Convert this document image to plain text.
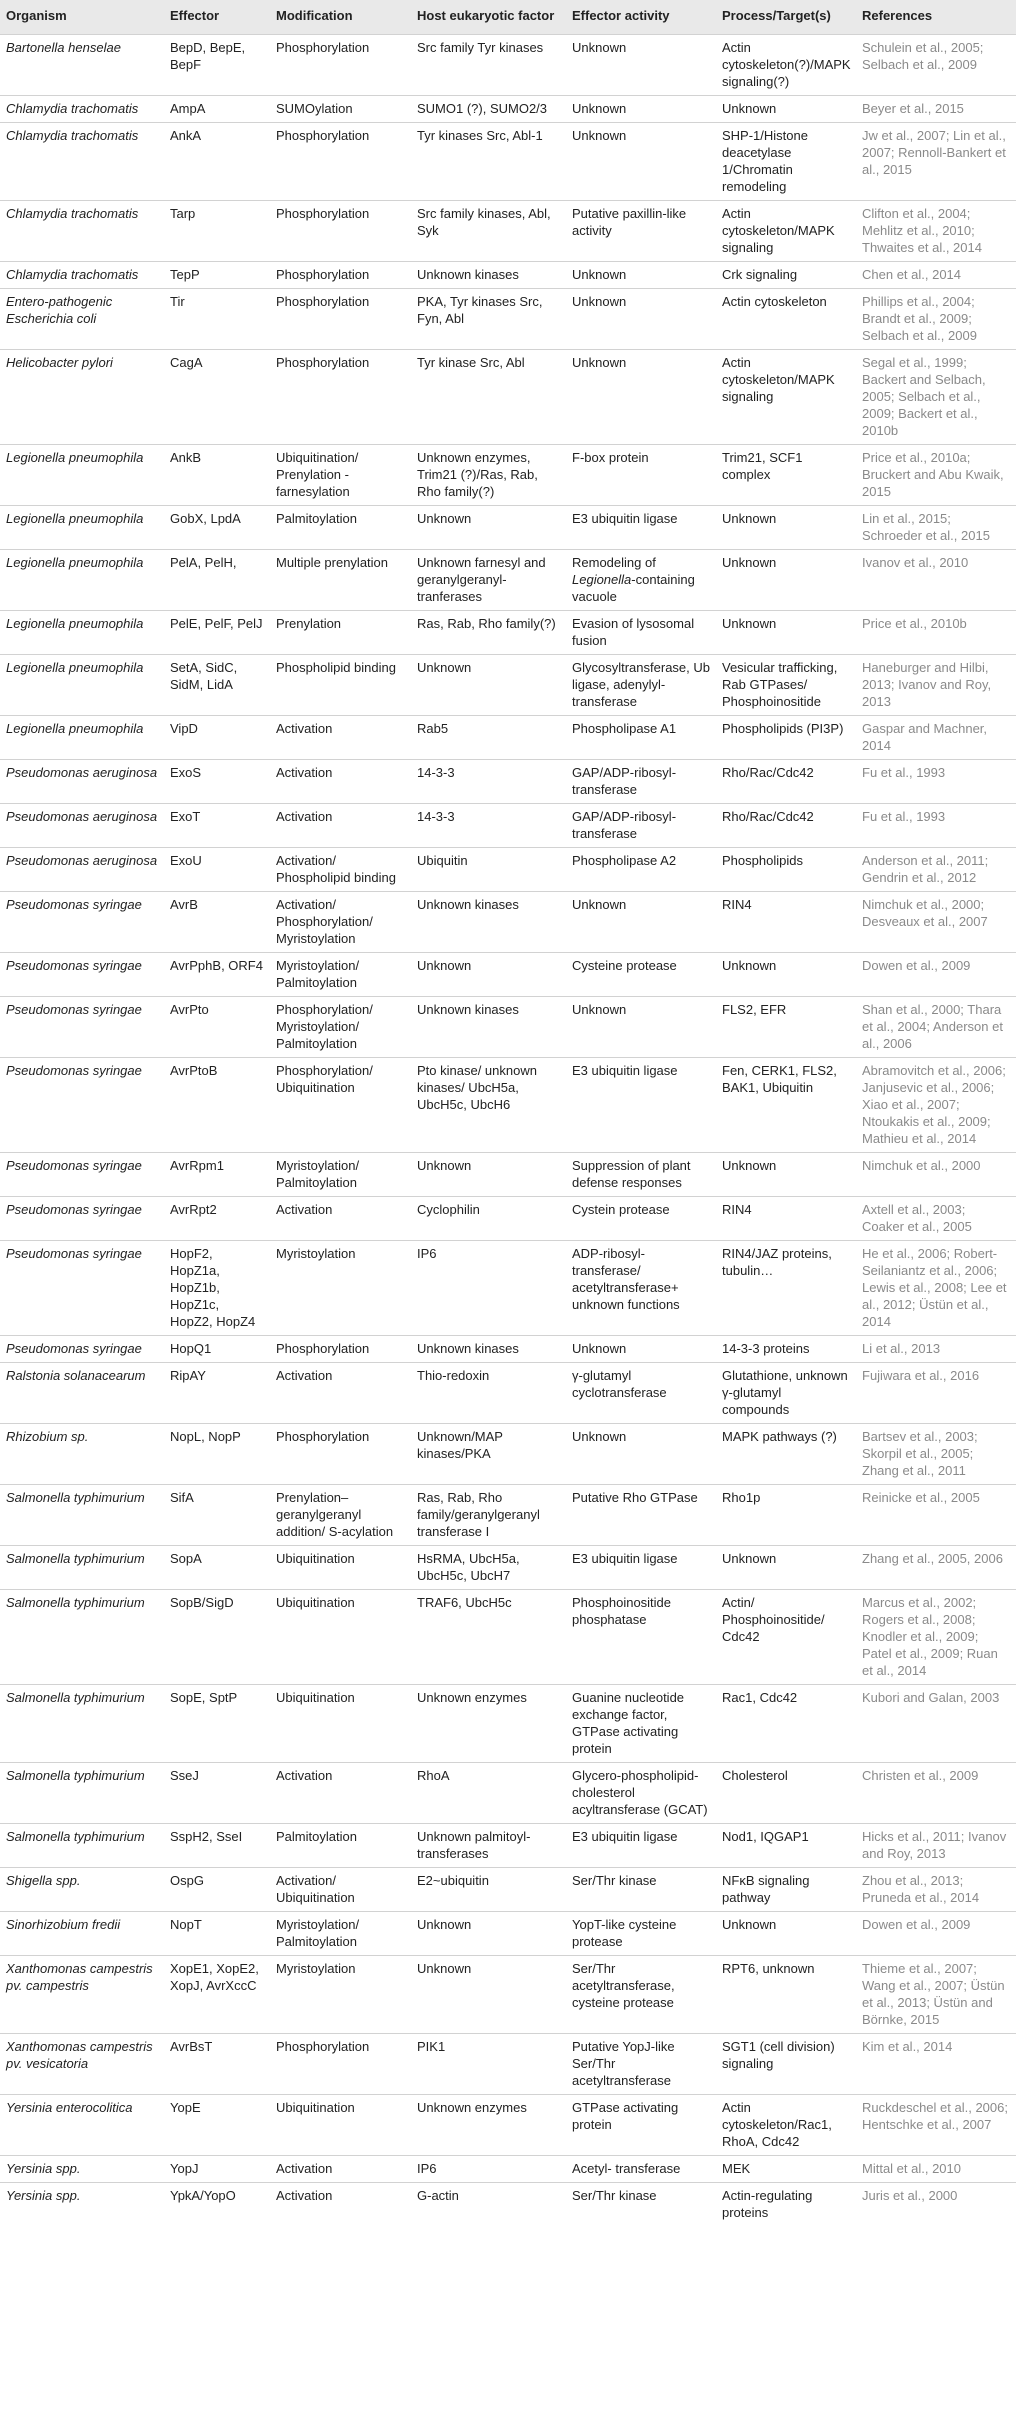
Organism	Effector	Modification	Host eukaryotic factor	Effector activity	Process/Target(s)	References
Bartonella henselae	BepD, BepE, BepF	Phosphorylation	Src family Tyr kinases	Unknown	Actin cytoskeleton(?)/MAPK signaling(?)	Schulein et al., 2005; Selbach et al., 2009
Chlamydia trachomatis	AmpA	SUMOylation	SUMO1 (?), SUMO2/3	Unknown	Unknown	Beyer et al., 2015
Chlamydia trachomatis	AnkA	Phosphorylation	Tyr kinases Src, Abl-1	Unknown	SHP-1/Histone deacetylase 1/Chromatin remodeling	Jw et al., 2007; Lin et al., 2007; Rennoll-Bankert et al., 2015
Chlamydia trachomatis	Tarp	Phosphorylation	Src family kinases, Abl, Syk	Putative paxillin-like activity	Actin cytoskeleton/MAPK signaling	Clifton et al., 2004; Mehlitz et al., 2010; Thwaites et al., 2014
Chlamydia trachomatis	TepP	Phosphorylation	Unknown kinases	Unknown	Crk signaling	Chen et al., 2014
Entero-pathogenic Escherichia coli	Tir	Phosphorylation	PKA, Tyr kinases Src, Fyn, Abl	Unknown	Actin cytoskeleton	Phillips et al., 2004; Brandt et al., 2009; Selbach et al., 2009
Helicobacter pylori	CagA	Phosphorylation	Tyr kinase Src, Abl	Unknown	Actin cytoskeleton/MAPK signaling	Segal et al., 1999; Backert and Selbach, 2005; Selbach et al., 2009; Backert et al., 2010b
Legionella pneumophila	AnkB	Ubiquitination/ Prenylation - farnesylation	Unknown enzymes, Trim21 (?)/Ras, Rab, Rho family(?)	F-box protein	Trim21, SCF1 complex	Price et al., 2010a; Bruckert and Abu Kwaik, 2015
Legionella pneumophila	GobX, LpdA	Palmitoylation	Unknown	E3 ubiquitin ligase	Unknown	Lin et al., 2015; Schroeder et al., 2015
Legionella pneumophila	PelA, PelH,	Multiple prenylation	Unknown farnesyl and geranylgeranyl-tranferases	Remodeling of Legionella-containing vacuole	Unknown	Ivanov et al., 2010
Legionella pneumophila	PelE, PelF, PelJ	Prenylation	Ras, Rab, Rho family(?)	Evasion of lysosomal fusion	Unknown	Price et al., 2010b
Legionella pneumophila	SetA, SidC, SidM, LidA	Phospholipid binding	Unknown	Glycosyltransferase, Ub ligase, adenylyl-transferase	Vesicular trafficking, Rab GTPases/ Phosphoinositide	Haneburger and Hilbi, 2013; Ivanov and Roy, 2013
Legionella pneumophila	VipD	Activation	Rab5	Phospholipase A1	Phospholipids (PI3P)	Gaspar and Machner, 2014
Pseudomonas aeruginosa	ExoS	Activation	14-3-3	GAP/ADP-ribosyl-transferase	Rho/Rac/Cdc42	Fu et al., 1993
Pseudomonas aeruginosa	ExoT	Activation	14-3-3	GAP/ADP-ribosyl-transferase	Rho/Rac/Cdc42	Fu et al., 1993
Pseudomonas aeruginosa	ExoU	Activation/ Phospholipid binding	Ubiquitin	Phospholipase A2	Phospholipids	Anderson et al., 2011; Gendrin et al., 2012
Pseudomonas syringae	AvrB	Activation/ Phosphorylation/ Myristoylation	Unknown kinases	Unknown	RIN4	Nimchuk et al., 2000; Desveaux et al., 2007
Pseudomonas syringae	AvrPphB, ORF4	Myristoylation/ Palmitoylation	Unknown	Cysteine protease	Unknown	Dowen et al., 2009
Pseudomonas syringae	AvrPto	Phosphorylation/ Myristoylation/ Palmitoylation	Unknown kinases	Unknown	FLS2, EFR	Shan et al., 2000; Thara et al., 2004; Anderson et al., 2006
Pseudomonas syringae	AvrPtoB	Phosphorylation/ Ubiquitination	Pto kinase/ unknown kinases/ UbcH5a, UbcH5c, UbcH6	E3 ubiquitin ligase	Fen, CERK1, FLS2, BAK1, Ubiquitin	Abramovitch et al., 2006; Janjusevic et al., 2006; Xiao et al., 2007; Ntoukakis et al., 2009; Mathieu et al., 2014
Pseudomonas syringae	AvrRpm1	Myristoylation/ Palmitoylation	Unknown	Suppression of plant defense responses	Unknown	Nimchuk et al., 2000
Pseudomonas syringae	AvrRpt2	Activation	Cyclophilin	Cystein protease	RIN4	Axtell et al., 2003; Coaker et al., 2005
Pseudomonas syringae	HopF2, HopZ1a, HopZ1b, HopZ1c, HopZ2, HopZ4	Myristoylation	IP6	ADP-ribosyl-transferase/ acetyltransferase+ unknown functions	RIN4/JAZ proteins, tubulin…	He et al., 2006; Robert-Seilaniantz et al., 2006; Lewis et al., 2008; Lee et al., 2012; Üstün et al., 2014
Pseudomonas syringae	HopQ1	Phosphorylation	Unknown kinases	Unknown	14-3-3 proteins	Li et al., 2013
Ralstonia solanacearum	RipAY	Activation	Thio-redoxin	γ-glutamyl cyclotransferase	Glutathione, unknown γ-glutamyl compounds	Fujiwara et al., 2016
Rhizobium sp.	NopL, NopP	Phosphorylation	Unknown/MAP kinases/PKA	Unknown	MAPK pathways (?)	Bartsev et al., 2003; Skorpil et al., 2005; Zhang et al., 2011
Salmonella typhimurium	SifA	Prenylation– geranylgeranyl addition/ S-acylation	Ras, Rab, Rho family/geranylgeranyl transferase I	Putative Rho GTPase	Rho1p	Reinicke et al., 2005
Salmonella typhimurium	SopA	Ubiquitination	HsRMA, UbcH5a, UbcH5c, UbcH7	E3 ubiquitin ligase	Unknown	Zhang et al., 2005, 2006
Salmonella typhimurium	SopB/SigD	Ubiquitination	TRAF6, UbcH5c	Phosphoinositide phosphatase	Actin/ Phosphoinositide/ Cdc42	Marcus et al., 2002; Rogers et al., 2008; Knodler et al., 2009; Patel et al., 2009; Ruan et al., 2014
Salmonella typhimurium	SopE, SptP	Ubiquitination	Unknown enzymes	Guanine nucleotide exchange factor, GTPase activating protein	Rac1, Cdc42	Kubori and Galan, 2003
Salmonella typhimurium	SseJ	Activation	RhoA	Glycero-phospholipid-cholesterol acyltransferase (GCAT)	Cholesterol	Christen et al., 2009
Salmonella typhimurium	SspH2, SseI	Palmitoylation	Unknown palmitoyl-transferases	E3 ubiquitin ligase	Nod1, IQGAP1	Hicks et al., 2011; Ivanov and Roy, 2013
Shigella spp.	OspG	Activation/ Ubiquitination	E2~ubiquitin	Ser/Thr kinase	NFκB signaling pathway	Zhou et al., 2013; Pruneda et al., 2014
Sinorhizobium fredii	NopT	Myristoylation/ Palmitoylation	Unknown	YopT-like cysteine protease	Unknown	Dowen et al., 2009
Xanthomonas campestris pv. campestris	XopE1, XopE2, XopJ, AvrXccC	Myristoylation	Unknown	Ser/Thr acetyltransferase, cysteine protease	RPT6, unknown	Thieme et al., 2007; Wang et al., 2007; Üstün et al., 2013; Üstün and Börnke, 2015
Xanthomonas campestris pv. vesicatoria	AvrBsT	Phosphorylation	PIK1	Putative YopJ-like Ser/Thr acetyltransferase	SGT1 (cell division) signaling	Kim et al., 2014
Yersinia enterocolitica	YopE	Ubiquitination	Unknown enzymes	GTPase activating protein	Actin cytoskeleton/Rac1, RhoA, Cdc42	Ruckdeschel et al., 2006; Hentschke et al., 2007
Yersinia spp.	YopJ	Activation	IP6	Acetyl- transferase	MEK	Mittal et al., 2010
Yersinia spp.	YpkA/YopO	Activation	G-actin	Ser/Thr kinase	Actin-regulating proteins	Juris et al., 2000
